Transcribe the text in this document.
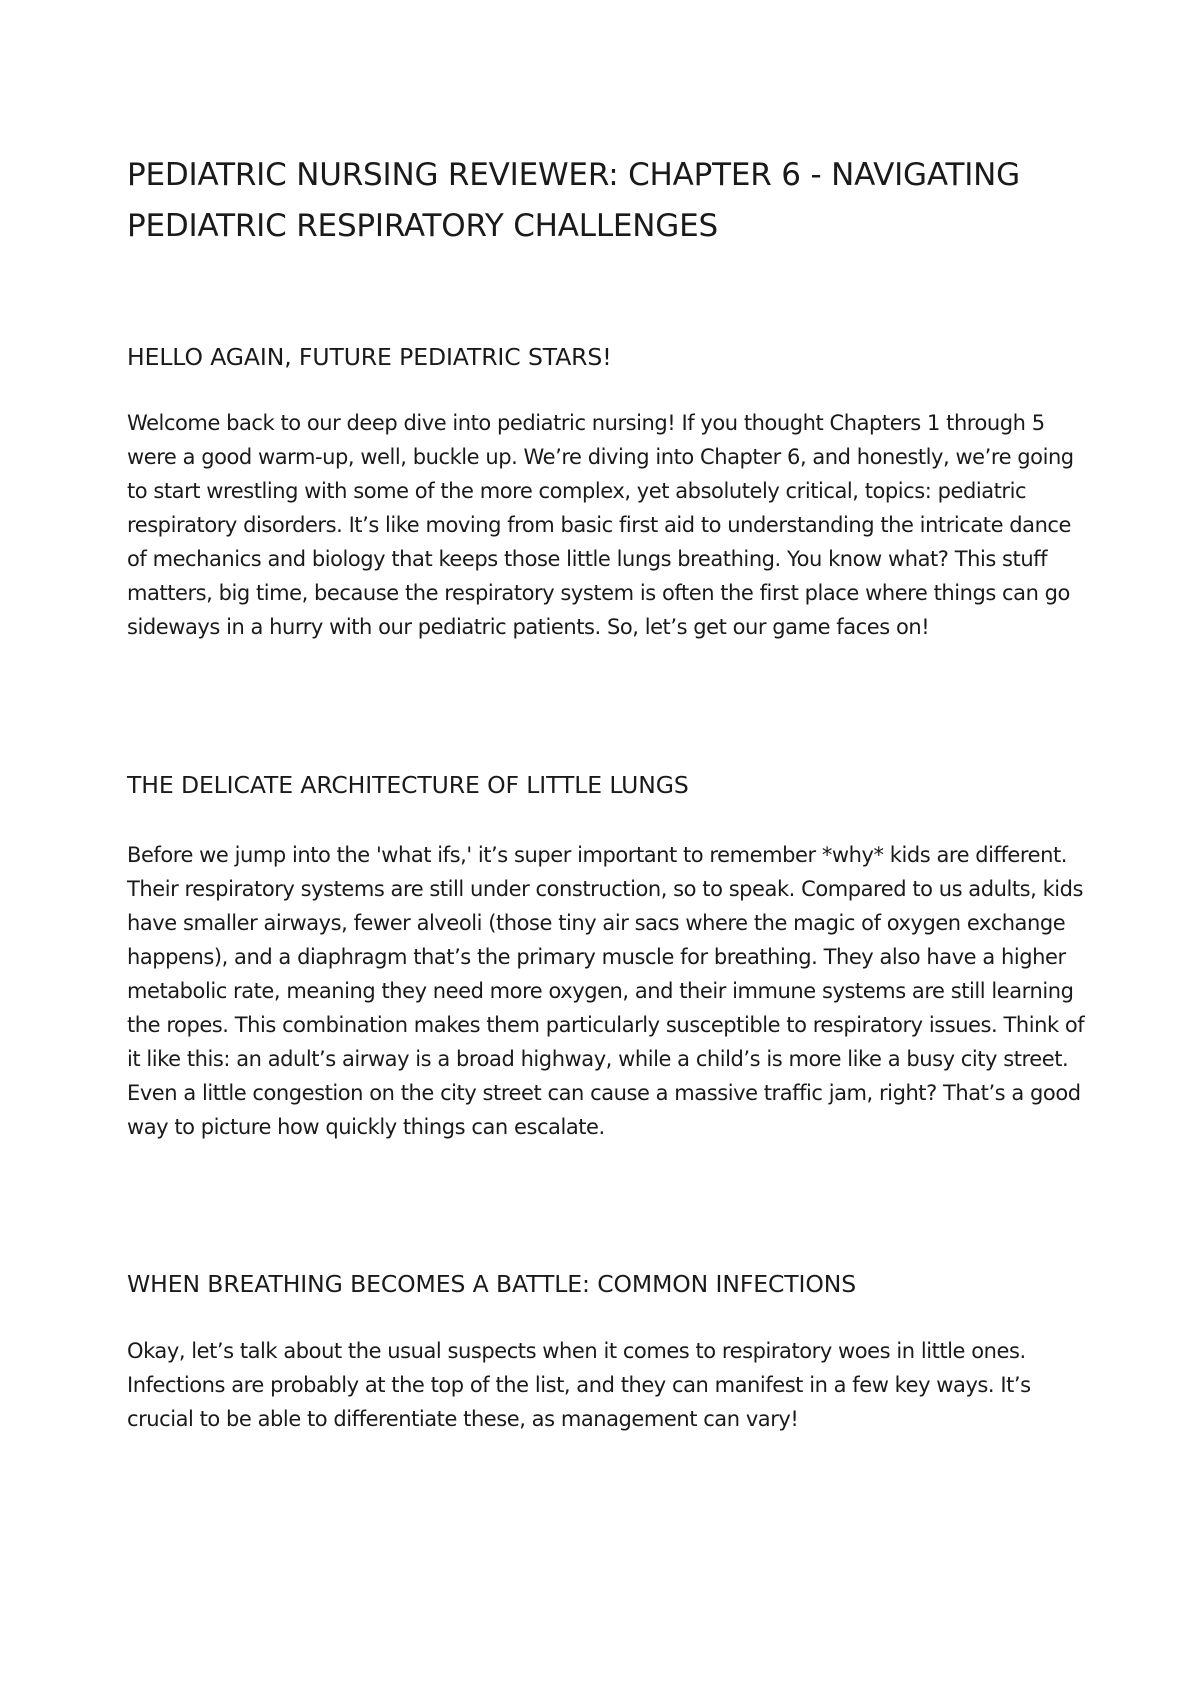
PEDIATRIC NURSING REVIEWER: CHAPTER 6 - NAVIGATING PEDIATRIC RESPIRATORY CHALLENGES
HELLO AGAIN, FUTURE PEDIATRIC STARS!

Welcome back to our deep dive into pediatric nursing! If you thought Chapters 1 through 5 were a good warm-up, well, buckle up. We’re diving into Chapter 6, and honestly, we’re going to start wrestling with some of the more complex, yet absolutely critical, topics: pediatric respiratory disorders. It’s like moving from basic first aid to understanding the intricate dance of mechanics and biology that keeps those little lungs breathing. You know what? This stuff matters, big time, because the respiratory system is often the first place where things can go sideways in a hurry with our pediatric patients. So, let’s get our game faces on!

THE DELICATE ARCHITECTURE OF LITTLE LUNGS

Before we jump into the 'what ifs,' it’s super important to remember *why* kids are different. Their respiratory systems are still under construction, so to speak. Compared to us adults, kids have smaller airways, fewer alveoli (those tiny air sacs where the magic of oxygen exchange happens), and a diaphragm that’s the primary muscle for breathing. They also have a higher metabolic rate, meaning they need more oxygen, and their immune systems are still learning the ropes. This combination makes them particularly susceptible to respiratory issues. Think of it like this: an adult’s airway is a broad highway, while a child’s is more like a busy city street. Even a little congestion on the city street can cause a massive traffic jam, right? That’s a good way to picture how quickly things can escalate.

WHEN BREATHING BECOMES A BATTLE: COMMON INFECTIONS

Okay, let’s talk about the usual suspects when it comes to respiratory woes in little ones. Infections are probably at the top of the list, and they can manifest in a few key ways. It’s crucial to be able to differentiate these, as management can vary!
